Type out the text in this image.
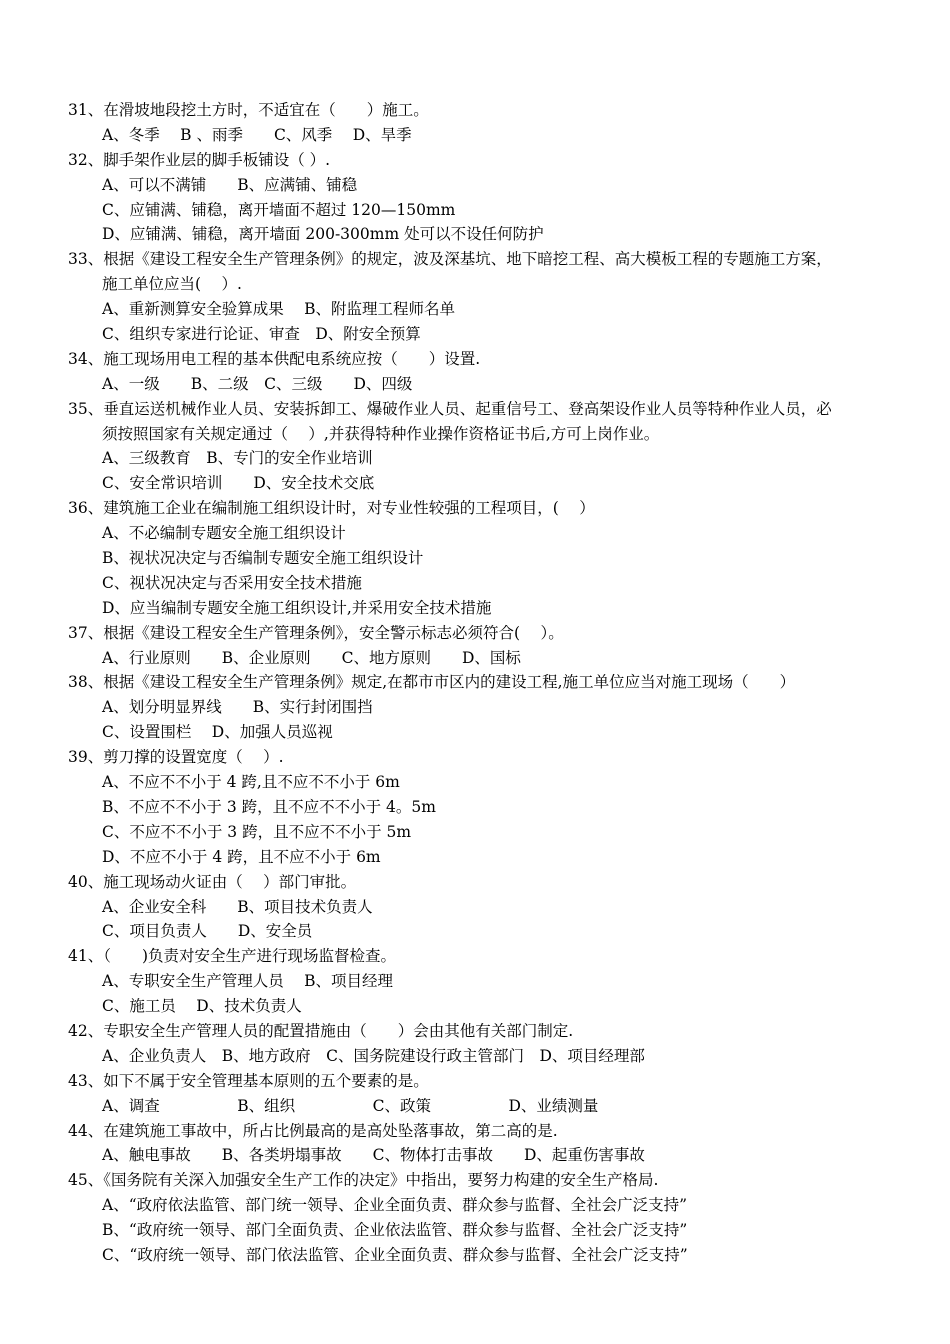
31、在滑坡地段挖土方时，不适宜在（　　）施工。
A、冬季　 B 、雨季　　C、风季　 D、旱季
32、脚手架作业层的脚手板铺设（ ）.
A、可以不满铺　　B、应满铺、铺稳
C、应铺满、铺稳，离开墙面不超过 120—150mm
D、应铺满、铺稳，离开墙面 200-300mm 处可以不设任何防护
33、根据《建设工程安全生产管理条例》的规定，波及深基坑、地下暗挖工程、高大模板工程的专题施工方案，
施工单位应当(　 ）.
A、重新测算安全验算成果　 B、附监理工程师名单
C、组织专家进行论证、审查　D、附安全预算
34、施工现场用电工程的基本供配电系统应按（　　）设置.
A、一级　　B、二级　C、三级　　D、四级
35、垂直运送机械作业人员、安装拆卸工、爆破作业人员、起重信号工、登高架设作业人员等特种作业人员，必
须按照国家有关规定通过（　 ）,并获得特种作业操作资格证书后,方可上岗作业。
A、三级教育　B、专门的安全作业培训
C、安全常识培训　　D、安全技术交底
36、建筑施工企业在编制施工组织设计时，对专业性较强的工程项目，(　 ）
A、不必编制专题安全施工组织设计
B、视状况决定与否编制专题安全施工组织设计
C、视状况决定与否采用安全技术措施
D、应当编制专题安全施工组织设计,并采用安全技术措施
37、根据《建设工程安全生产管理条例》，安全警示标志必须符合(　 ）。
A、行业原则　　B、企业原则　　C、地方原则　　D、国标
38、根据《建设工程安全生产管理条例》规定,在都市市区内的建设工程,施工单位应当对施工现场（　　）
A、划分明显界线　　B、实行封闭围挡
C、设置围栏　 D、加强人员巡视
39、剪刀撑的设置宽度（　 ）.
A、不应不不小于 4 跨,且不应不不小于 6m
B、不应不不小于 3 跨，且不应不不小于 4。5m
C、不应不不小于 3 跨，且不应不不小于 5m
D、不应不小于 4 跨，且不应不小于 6m
40、施工现场动火证由（　 ）部门审批。
A、企业安全科　　B、项目技术负责人
C、项目负责人　　D、安全员
41、（　　)负责对安全生产进行现场监督检查。
A、专职安全生产管理人员　 B、项目经理
C、施工员　 D、技术负责人
42、专职安全生产管理人员的配置措施由（　　）会由其他有关部门制定.
A、企业负责人　B、地方政府　C、国务院建设行政主管部门　D、项目经理部
43、如下不属于安全管理基本原则的五个要素的是。
A、调查　　　　　B、组织　　　　　C、政策　　　　　D、业绩测量
44、在建筑施工事故中，所占比例最高的是高处坠落事故，第二高的是.
A、触电事故　　B、各类坍塌事故　　C、物体打击事故　　D、起重伤害事故
45、《国务院有关深入加强安全生产工作的决定》中指出，要努力构建的安全生产格局.
A、“政府依法监管、部门统一领导、企业全面负责、群众参与监督、全社会广泛支持”
B、“政府统一领导、部门全面负责、企业依法监管、群众参与监督、全社会广泛支持”
C、“政府统一领导、部门依法监管、企业全面负责、群众参与监督、全社会广泛支持”
